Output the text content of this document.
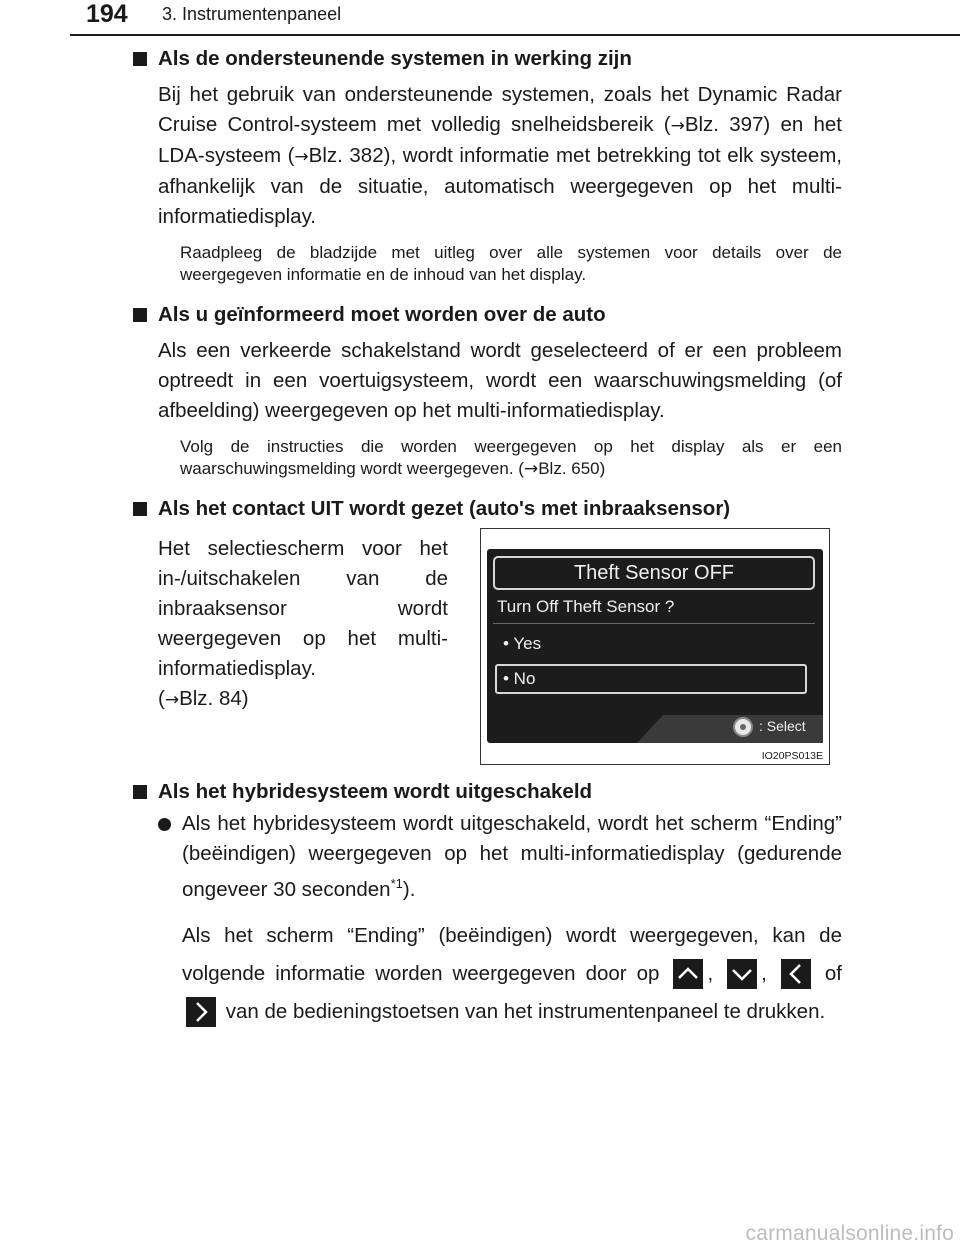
194 3. Instrumentenpaneel
Als de ondersteunende systemen in werking zijn

Bij het gebruik van ondersteunende systemen, zoals het Dynamic Radar Cruise Control-systeem met volledig snelheidsbereik (→Blz. 397) en het LDA-systeem (→Blz. 382), wordt informatie met betrekking tot elk systeem, afhankelijk van de situatie, automatisch weergegeven op het multi-informatiedisplay.

Raadpleeg de bladzijde met uitleg over alle systemen voor details over de weergegeven informatie en de inhoud van het display.

Als u geïnformeerd moet worden over de auto

Als een verkeerde schakelstand wordt geselecteerd of er een probleem optreedt in een voertuigsysteem, wordt een waarschuwingsmelding (of afbeelding) weergegeven op het multi-informatiedisplay.

Volg de instructies die worden weergegeven op het display als er een waarschuwingsmelding wordt weergegeven. (→Blz. 650)

Als het contact UIT wordt gezet (auto's met inbraaksensor)

Het selectiescherm voor het in-/uitschakelen van de inbraaksensor wordt weergegeven op het multi-informatiedisplay.
(→Blz. 84)

Theft Sensor OFF
Turn Off Theft Sensor ?
• Yes
• No
: Select
IO20PS013E
Als het hybridesysteem wordt uitgeschakeld

Als het hybridesysteem wordt uitgeschakeld, wordt het scherm “Ending” (beëindigen) weergegeven op het multi-informatiedisplay (gedurende ongeveer 30 seconden$^{*1}$).

Als het scherm “Ending” (beëindigen) wordt weergegeven, kan de volgende informatie worden weergegeven door op , ,	of
van de bedieningstoetsen van het instrumentenpaneel te drukken.

carmanualsonline.info
